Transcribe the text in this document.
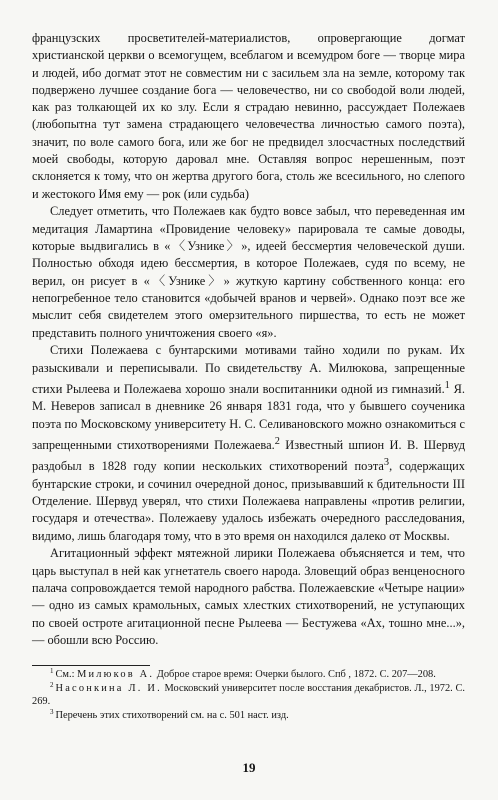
французских просветителей-материалистов, опровергающие догмат христианской церкви о всемогущем, всеблагом и всемудром боге — творце мира и людей, ибо догмат этот не совместим ни с засильем зла на земле, которому так подвержено лучшее создание бога — человечество, ни со свободой воли людей, как раз толкающей их ко злу. Если я страдаю невинно, рассуждает Полежаев (любопытна тут замена страдающего человечества личностью самого поэта), значит, по воле самого бога, или же бог не предвидел злосчастных последствий моей свободы, которую даровал мне. Оставляя вопрос нерешенным, поэт склоняется к тому, что он жертва другого бога, столь же всесильного, но слепого и жестокого Имя ему — рок (или судьба)

Следует отметить, что Полежаев как будто вовсе забыл, что переведенная им медитация Ламартина «Провидение человеку» парировала те самые доводы, которые выдвигались в «〈Узнике〉», идеей бессмертия человеческой души. Полностью обходя идею бессмертия, в которое Полежаев, судя по всему, не верил, он рисует в «〈Узнике〉» жуткую картину собственного конца: его непогребенное тело становится «добычей вранов и червей». Однако поэт все же мыслит себя свидетелем этого омерзительного пиршества, то есть не может представить полного уничтожения своего «я».

Стихи Полежаева с бунтарскими мотивами тайно ходили по рукам. Их разыскивали и переписывали. По свидетельству А. Милюкова, запрещенные стихи Рылеева и Полежаева хорошо знали воспитанники одной из гимназий.$^1$ Я. М. Неверов записал в дневнике 26 января 1831 года, что у бывшего соученика поэта по Московскому университету Н. С. Селивановского можно ознакомиться с запрещенными стихотворениями Полежаева.$^2$ Известный шпион И. В. Шервуд раздобыл в 1828 году копии нескольких стихотворений поэта$^3$, содержащих бунтарские строки, и сочинил очередной донос, призывавший к бдительности III Отделение. Шервуд уверял, что стихи Полежаева направлены «против религии, государя и отечества». Полежаеву удалось избежать очередного расследования, видимо, лишь благодаря тому, что в это время он находился далеко от Москвы.

Агитационный эффект мятежной лирики Полежаева объясняется и тем, что царь выступал в ней как угнетатель своего народа. Зловещий образ венценосного палача сопровождается темой народного рабства. Полежаевские «Четыре нации» — одно из самых крамольных, самых хлестких стихотворений, не уступающих по своей остроте агитационной песне Рылеева — Бестужева «Ах, тошно мне...», — обошли всю Россию.

$^1$ См.: Милюков А. Доброе старое время: Очерки былого. Спб , 1872. С. 207—208.

$^2$ Насонкина Л. И. Московский университет после восстания декабристов. Л., 1972. С. 269.

$^3$ Перечень этих стихотворений см. на с. 501 наст. изд.

19
